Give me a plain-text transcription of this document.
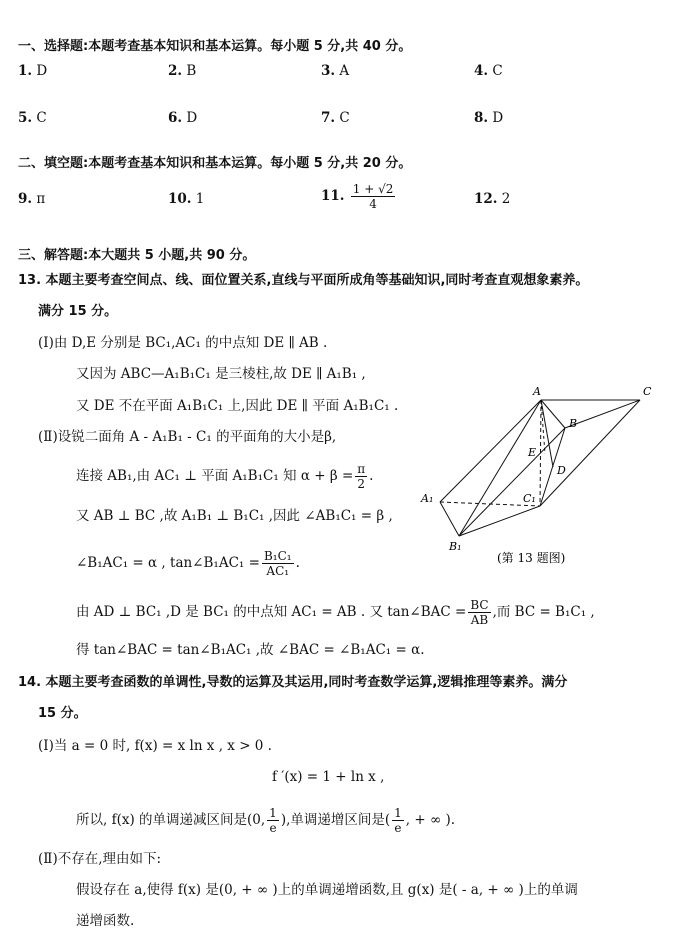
一、选择题:本题考查基本知识和基本运算。每小题 5 分,共 40 分。
1. D	2. B	3. A	4. C
5. C	6. D	7. C	8. D
二、填空题:本题考查基本知识和基本运算。每小题 5 分,共 20 分。
9. π	10. 1	11. $\frac{1 + √2}{4}$	12. 2
三、解答题:本大题共 5 小题,共 90 分。
13. 本题主要考查空间点、线、面位置关系,直线与平面所成角等基础知识,同时考查直观想象素养。
满分 15 分。
(Ⅰ)由 D,E 分别是 BC₁,AC₁ 的中点知 DE ∥ AB .
又因为 ABC—A₁B₁C₁ 是三棱柱,故 DE ∥ A₁B₁ ,
又 DE 不在平面 A₁B₁C₁ 上,因此 DE ∥ 平面 A₁B₁C₁ .
(Ⅱ)设锐二面角 A - A₁B₁ - C₁ 的平面角的大小是β,
连接 AB₁,由 AC₁ ⊥ 平面 A₁B₁C₁ 知 $\alpha + \beta = \frac{\pi}{2}$ .
又 AB ⊥ BC ,故 A₁B₁ ⊥ B₁C₁ ,因此 ∠AB₁C₁ = β ,
∠B₁AC₁ = α , tan∠B₁AC₁ = $\frac{\text{B₁C₁}}{\text{AC₁}}$ .
由 AD ⊥ BC₁ ,D 是 BC₁ 的中点知 AC₁ = AB . 又 tan∠BAC = $\frac{BC}{AB}$ ,而 BC = B₁C₁ ,
得 tan∠BAC = tan∠B₁AC₁ ,故 ∠BAC = ∠B₁AC₁ = α.
A	C
B
E
D
A₁	C₁
B₁
(第 13 题图)
14. 本题主要考查函数的单调性,导数的运算及其运用,同时考查数学运算,逻辑推理等素养。满分
15 分。
(Ⅰ)当 a = 0 时, f(x) = x ln x , x > 0 .
f ′(x) = 1 + ln x ,
所以, f(x) 的单调递减区间是(0, $\frac{1}{e}$ ),单调递增区间是( $\frac{1}{e}$ , + ∞ ).
(Ⅱ)不存在,理由如下:
假设存在 a,使得 f(x) 是(0, + ∞ )上的单调递增函数,且 g(x) 是( - a, + ∞ )上的单调
递增函数.
